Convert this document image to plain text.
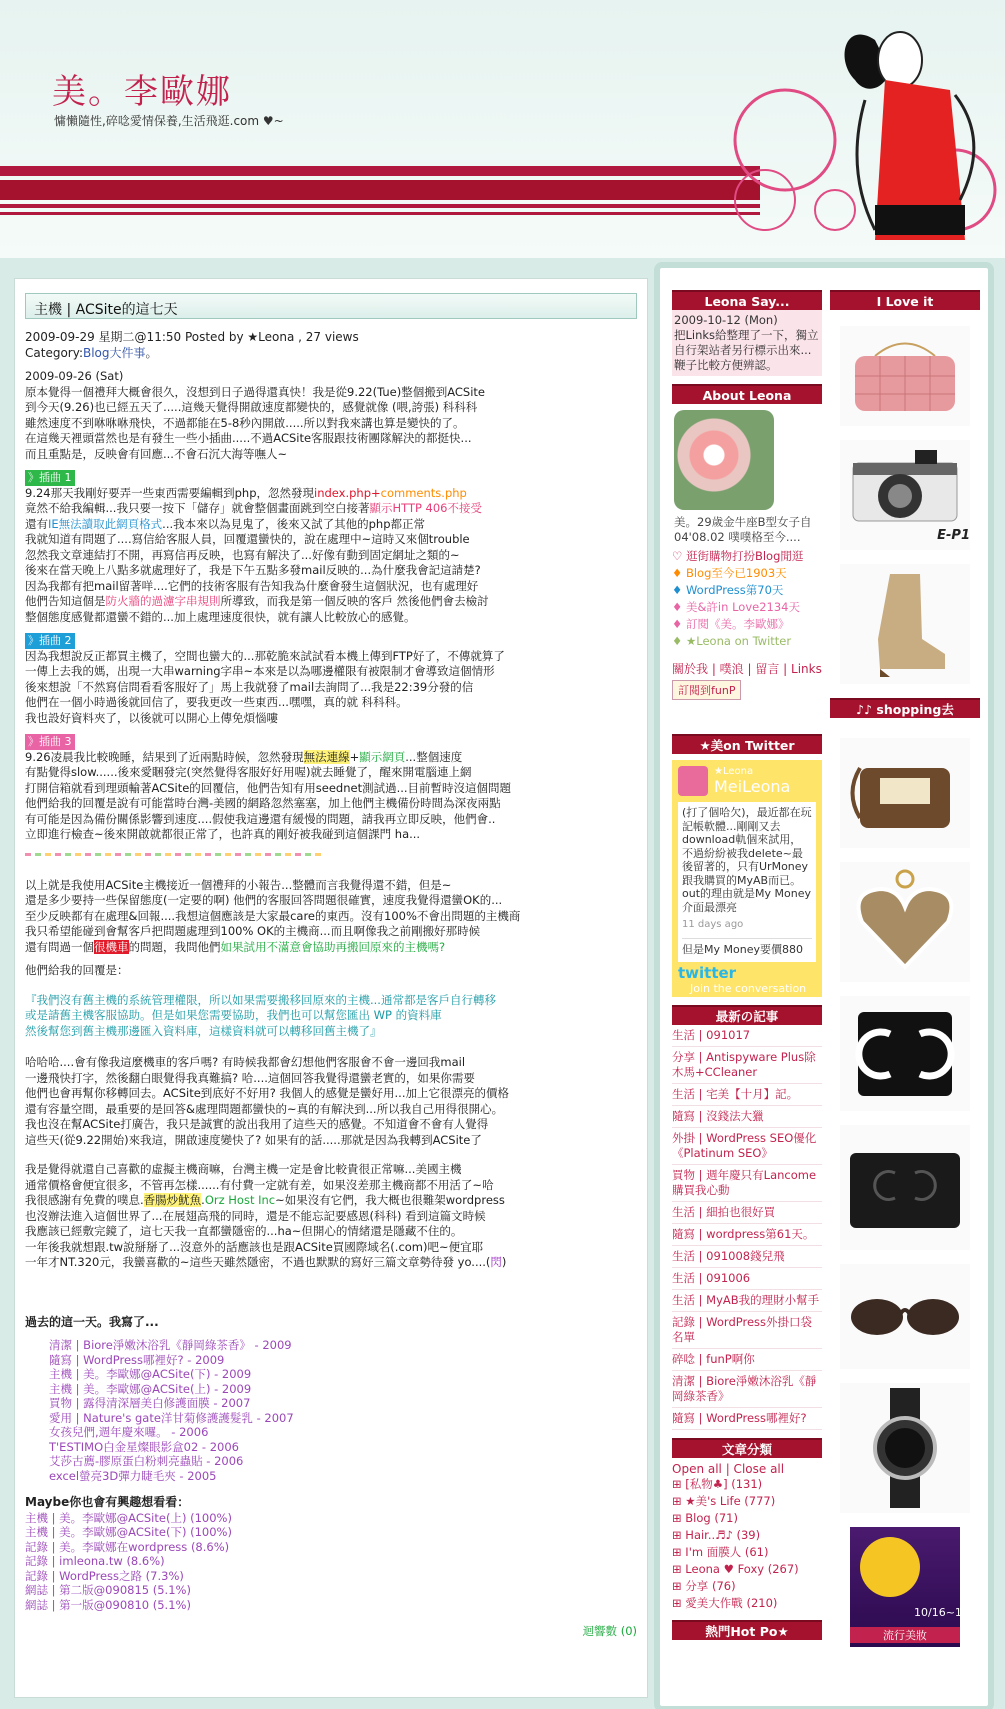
美。李歐娜
慵懶隨性,碎唸愛情保養,生活飛逛.com ♥~
主機 | ACSite的這七天
2009-09-29 星期二@11:50 Posted by ★Leona , 27 views
Category:Blog大件事。
2009-09-26 (Sat)
原本覺得一個禮拜大概會很久，沒想到日子過得還真快！我是從9.22(Tue)整個搬到ACSite
到今天(9.26)也已經五天了.....這幾天覺得開啟速度都變快的，感覺就像 (喂,誇張) 科科科
雖然速度不到咻咻咻飛快，不過都能在5-8秒內開啟.....所以對我來講也算是變快的了。
在這幾天裡頭當然也是有發生一些小插曲.....不過ACSite客服跟技術團隊解決的都挺快...
而且重點是，反映會有回應...不會石沉大海等嘸人~
》插曲 1
9.24那天我剛好要弄一些東西需要編輯到php，忽然發現index.php+comments.php
竟然不給我編輯...我只要一按下「儲存」就會整個畫面跳到空白接著顯示HTTP 406不接受
還有IE無法讀取此網頁格式...我本來以為見鬼了，後來又試了其他的php都正常
我就知道有問題了....寫信給客服人員，回覆還蠻快的，說在處理中~這時又來個trouble
忽然我文章連結打不開，再寫信再反映，也寫有解決了...好像有動到固定網址之類的~
後來在當天晚上八點多就處理好了，我是下午五點多發mail反映的...為什麼我會記這請楚?
因為我都有把mail留著咩....它們的技術客服有告知我為什麼會發生這個狀況，也有處理好
他們告知這個是防火牆的過濾字串規則所導致，而我是第一個反映的客戶 然後他們會去檢討
整個態度感覺都還蠻不錯的...加上處理速度很快，就有讓人比較放心的感覺。
》插曲 2
因為我想說反正都買主機了，空間也蠻大的...那乾脆來試試看本機上傳到FTP好了，不傳就算了
一傳上去我的媽，出現一大串warning字串~本來是以為哪邊權限有被限制才會導致這個情形
後來想說「不然寫信問看看客服好了」馬上我就發了mail去詢問了...我是22:39分發的信
他們在一個小時過後就回信了，要我更改一些東西...嘿嘿，真的就 科科科。
我也設好資料夾了，以後就可以開心上傳免煩惱嘍
》插曲 3
9.26凌晨我比較晚睡，結果到了近兩點時候，忽然發現無法連線+顯示網頁...整個速度
有點覺得slow......後來愛睏發完(突然覺得客服好好用喔)就去睡覺了，醒來開電腦連上網
打開信箱就看到理頭輸著ACSite的回覆信，他們告知有用seednet測試過...目前暫時沒這個問題
他們給我的回覆是說有可能當時台灣-美國的網路忽然塞塞，加上他們主機備份時間為深夜兩點
有可能是因為備份關係影響到速度....假使我這邊還有緩慢的問題，請我再立即反映，他們會..
立即進行檢查~後來開啟就都很正常了，也許真的剛好被我碰到這個課門 ha...
以上就是我使用ACSite主機接近一個禮拜的小報告...整體而言我覺得還不錯，但是~
還是多少要持一些保留態度(一定要的啊) 他們的客服回答問題很確實，速度我覺得還蠻OK的...
至少反映都有在處理&回報....我想這個應該是大家最care的東西。沒有100%不會出問題的主機商
我只希望能碰到會幫客戶把問題處理到100% OK的主機商...而且啊像我之前剛搬好那時候
還有問過一個很機車的問題，我問他們如果試用不滿意會協助再搬回原來的主機嗎?
他們給我的回覆是：
『我們沒有舊主機的系統管理權限，所以如果需要搬移回原來的主機...通常都是客戶自行轉移
或是請舊主機客服協助。但是如果您需要協助，我們也可以幫您匯出 WP 的資料庫
然後幫您到舊主機那邊匯入資料庫，這樣資料就可以轉移回舊主機了』
哈哈哈....會有像我這麼機車的客戶嗎? 有時候我都會幻想他們客服會不會一邊回我mail
一邊飛快打字，然後翻白眼覺得我真難搞? 哈....這個回答我覺得還蠻老實的，如果你需要
他們也會再幫你移轉回去。ACSite到底好不好用? 我個人的感覺是蠻好用...加上它很漂亮的價格
還有容量空間，最重要的是回答&處理問題都蠻快的~真的有解決到...所以我自己用得很開心。
我也沒在幫ACSite打廣告，我只是誠實的說出我用了這些天的感覺。不知道會不會有人覺得
這些天(從9.22開始)來我這，開啟速度變快了? 如果有的話.....那就是因為我轉到ACSite了
我是覺得就還自己喜歡的虛擬主機商嘛，台灣主機一定是會比較貴很正常嘛...美國主機
通常價格會便宜很多，不管再怎樣......有付費一定就有差，如果沒差那主機商都不用活了~哈
我很感謝有免費的噗息.香腸炒魷魚.Orz Host Inc~如果沒有它們，我大概也很難架wordpress
也沒辦法進入這個世界了...在展翅高飛的同時，還是不能忘記要感恩(科科) 看到這篇文時候
我應該已經敷完鏡了，這七天我一直都蠻隱密的...ha~但開心的情緒還是隱藏不住的。
一年後我就想跟.tw說掰掰了...沒意外的話應該也是跟ACSite買國際域名(.com)吧~便宜耶
一年才NT.320元，我蠻喜歡的~這些天雖然隱密，不過也默默的寫好三篇文章勢待發 yo....(閃)
過去的這一天。我寫了...
清潔 | Biore淨嫩沐浴乳《靜岡綠茶香》 - 2009
隨寫 | WordPress哪裡好? - 2009
主機 | 美。李歐娜@ACSite(下) - 2009
主機 | 美。李歐娜@ACSite(上) - 2009
買物 | 露得清深層美白修護面膜 - 2007
愛用 | Nature's gate洋甘菊修護護髮乳 - 2007
女孩兒們,週年慶來囉。 - 2006
T'ESTIMO白金星燦眼影盒02 - 2006
艾莎古薦-膠原蛋白粉刺亮蟲貼 - 2006
excel螢亮3D彈力睫毛夾 - 2005
Maybe你也會有興趣想看看：
主機 | 美。李歐娜@ACSite(上) (100%)
主機 | 美。李歐娜@ACSite(下) (100%)
記錄 | 美。李歐娜在wordpress (8.6%)
記錄 | imleona.tw (8.6%)
記錄 | WordPress之路 (7.3%)
網誌 | 第二版@090815 (5.1%)
網誌 | 第一版@090810 (5.1%)
迴響數 (0)
Leona Say...
2009-10-12 (Mon)
把Links給整理了一下，獨立自行架站者另行標示出來...鞭子比較方便辨認。
About Leona
美。29歲金牛座B型女子自04'08.02 噗噗格至今....
♡ 逛街購物打扮Blog閒逛
♦ Blog至今已1903天
♦ WordPress第70天
♦ 美&許in Love2134天
♦ 訂閱《美。李歐娜》
♦ ★Leona on Twitter
關於我 | 噗浪 | 留言 | Links
訂閱到funP
★美on Twitter
★Leona
MeiLeona
(打了個哈欠)，最近都在玩記帳軟體...剛剛又去download軌個來試用，不過紛紛被我delete~最後留著的，只有UrMoney跟我購買的MyAB而已。out的理由就是My Money介面最漂亮
11 days ago
但是My Money要價880
twitter
Join the conversation
最新の記事
生活 | 091017
分享 | Antispyware Plus除木馬+CCleaner
生活 | 宅美【十月】記。
隨寫 | 沒錢法大獵
外掛 | WordPress SEO優化《Platinum SEO》
買物 | 週年慶只有Lancome購買我心動
生活 | 細拍也很好買
隨寫 | wordpress第61天。
生活 | 091008錢兒飛
生活 | 091006
生活 | MyAB我的理財小幫手
記錄 | WordPress外掛口袋名單
碎唸 | funP啊你
清潔 | Biore淨嫩沐浴乳《靜岡綠茶香》
隨寫 | WordPress哪裡好?
文章分類
Open all | Close all
⊞ [私物♣] (131)
⊞ ★美's Life (777)
⊞ Blog (71)
⊞ Hair..♬♪ (39)
⊞ I'm 面膜人 (61)
⊞ Leona ♥ Foxy (267)
⊞ 分享 (76)
⊞ 愛美大作戰 (210)
熱門Hot Po★
I Love it
E-P1
♪♪ shopping去
10/16~10/23
流行美妝
